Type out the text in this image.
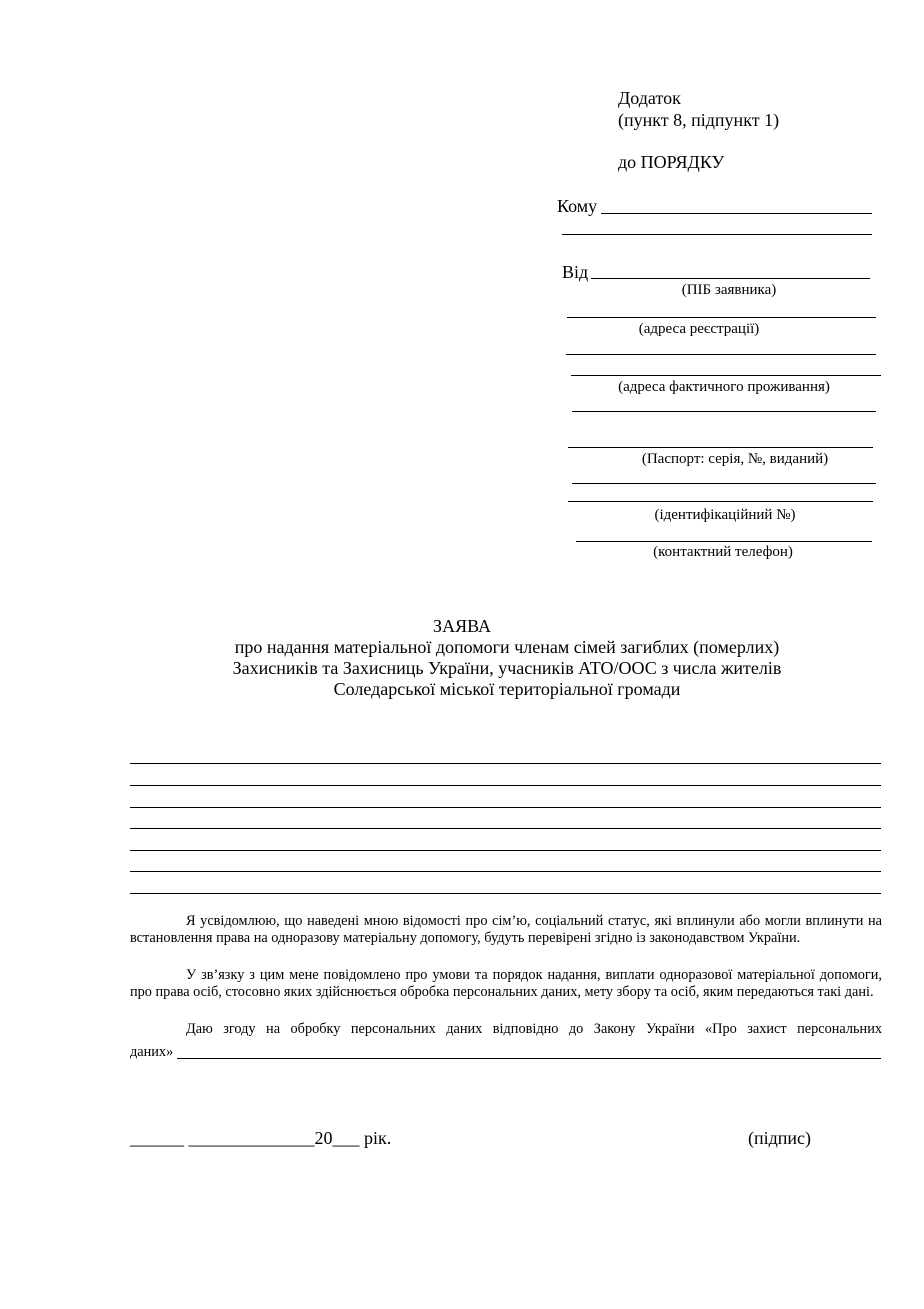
Додаток
(пункт 8, підпункт 1)
до ПОРЯДКУ
Кому
Від
(ПІБ заявника)
(адреса реєстрації)
(адреса фактичного проживання)
(Паспорт: серія, №, виданий)
(ідентифікаційний №)
(контактний телефон)
ЗАЯВА
про надання матеріальної допомоги членам сімей загиблих (померлих)
Захисників та Захисниць України, учасників АТО/ООС з числа жителів
Соледарської міської територіальної громади
Я усвідомлюю, що наведені мною відомості про сім’ю, соціальний статус, які вплинули або могли вплинути на встановлення права на одноразову матеріальну допомогу, будуть перевірені згідно із законодавством України.
У зв’язку з цим мене повідомлено про умови та порядок надання, виплати одноразової матеріальної допомоги, про права осіб, стосовно яких здійснюється обробка персональних даних, мету збору та осіб, яким передаються такі дані.
Даю згоду на обробку персональних даних відповідно до Закону України «Про захист персональних
даних»
______ ______________20___ рік.	(підпис)
